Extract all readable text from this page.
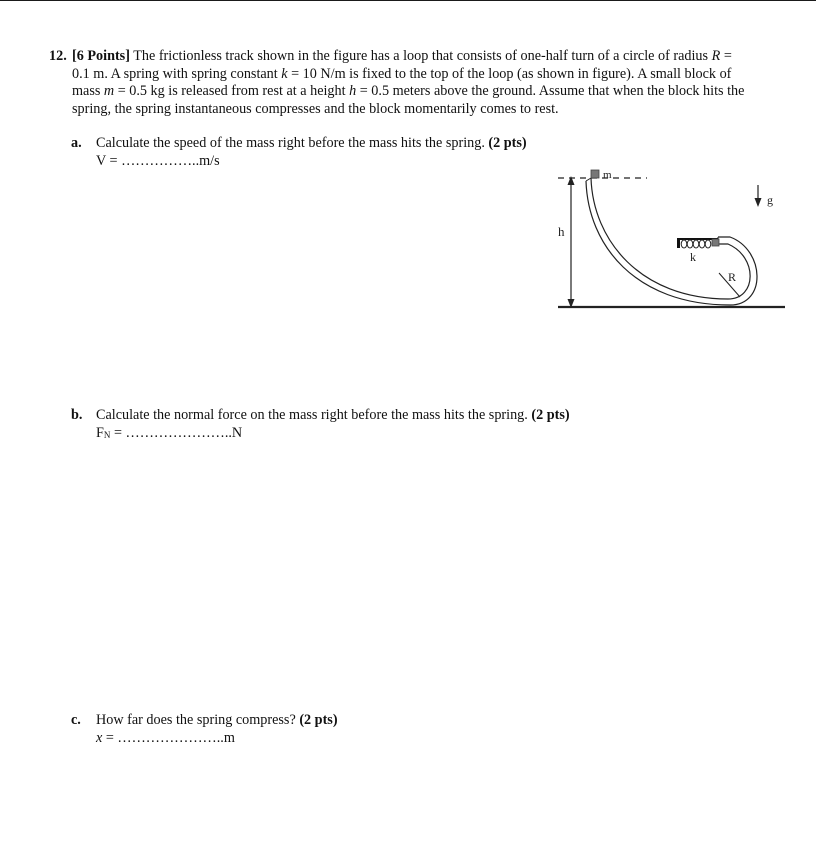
12. [6 Points] The frictionless track shown in the figure has a loop that consists of one-half turn of a circle of radius R =
0.1 m. A spring with spring constant k = 10 N/m is fixed to the top of the loop (as shown in figure). A small block of
mass m = 0.5 kg is released from rest at a height h = 0.5 meters above the ground. Assume that when the block hits the
spring, the spring instantaneous compresses and the block momentarily comes to rest.
a. Calculate the speed of the mass right before the mass hits the spring. (2 pts)
V = ……………..m/s
b. Calculate the normal force on the mass right before the mass hits the spring. (2 pts)
$F_N$ = …………………..N
c. How far does the spring compress? (2 pts)
x = …………………..m
h
m
k
R
g
